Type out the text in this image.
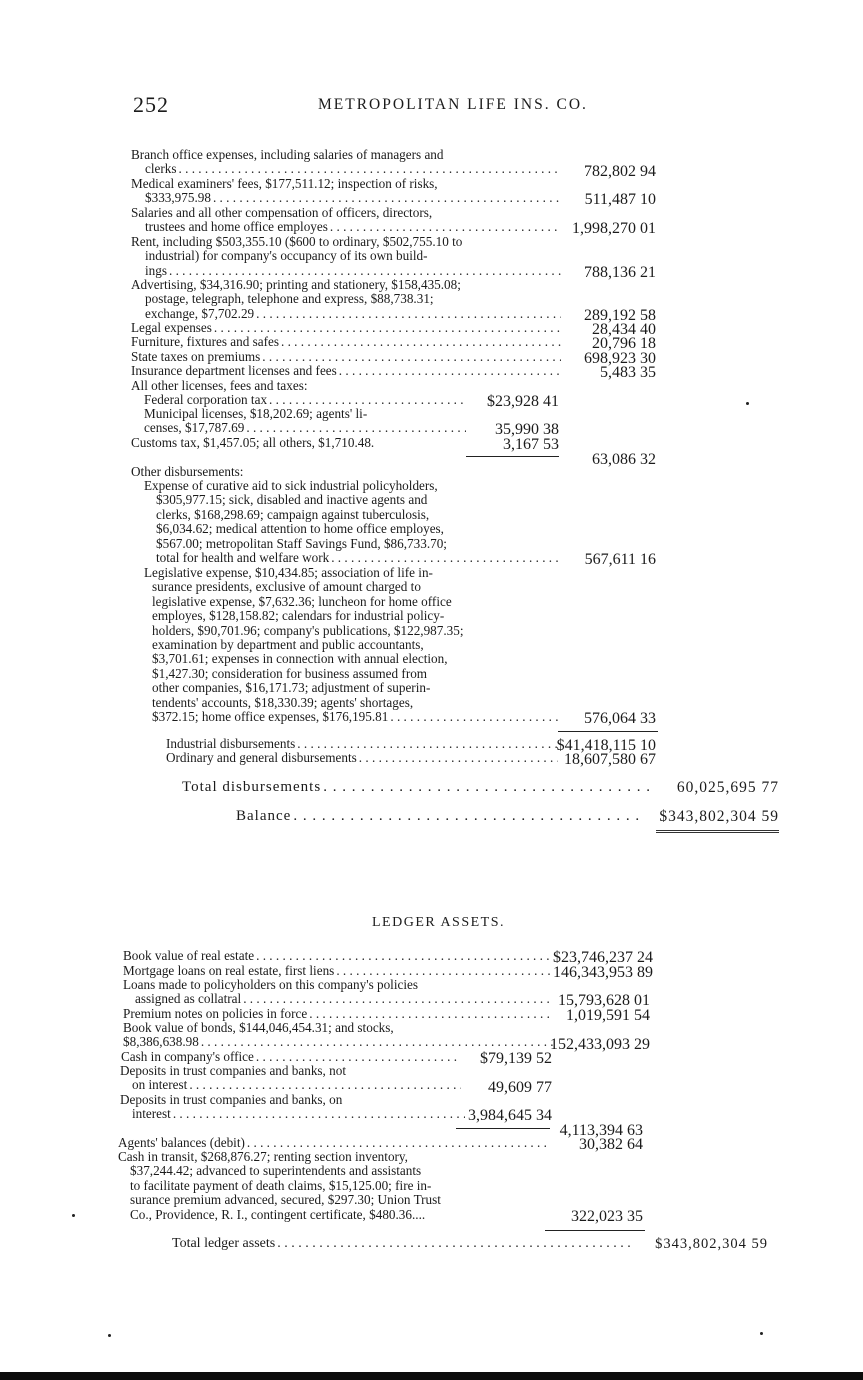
252	METROPOLITAN LIFE INS. CO.
Branch office expenses, including salaries of managers and
clerks . . .	782,802 94
Medical examiners' fees, $177,511.12; inspection of risks,
$333,975.98 . . .	511,487 10
Salaries and all other compensation of officers, directors,
trustees and home office employes . . .	1,998,270 01
Rent, including $503,355.10 ($600 to ordinary, $502,755.10 to
industrial) for company's occupancy of its own build-
ings . . .	788,136 21
Advertising, $34,316.90; printing and stationery, $158,435.08;
postage, telegraph, telephone and express, $88,738.31;
exchange, $7,702.29 . . .	289,192 58
Legal expenses . . .	28,434 40
Furniture, fixtures and safes . . .	20,796 18
State taxes on premiums . . .	698,923 30
Insurance department licenses and fees . . .	5,483 35
All other licenses, fees and taxes:
Federal corporation tax . . .	$23,928 41
Municipal licenses, $18,202.69; agents' li-
censes, $17,787.69 . . .	35,990 38
Customs tax, $1,457.05; all others, $1,710.48.	3,167 53
63,086 32
Other disbursements:
Expense of curative aid to sick industrial policyholders,
$305,977.15; sick, disabled and inactive agents and
clerks, $168,298.69; campaign against tuberculosis,
$6,034.62; medical attention to home office employes,
$567.00; metropolitan Staff Savings Fund, $86,733.70;
total for health and welfare work . . .	567,611 16
Legislative expense, $10,434.85; association of life in-
surance presidents, exclusive of amount charged to
legislative expense, $7,632.36; luncheon for home office
employes, $128,158.82; calendars for industrial policy-
holders, $90,701.96; company's publications, $122,987.35;
examination by department and public accountants,
$3,701.61; expenses in connection with annual election,
$1,427.30; consideration for business assumed from
other companies, $16,171.73; adjustment of superin-
tendents' accounts, $18,330.39; agents' shortages,
$372.15; home office expenses, $176,195.81 . . .	576,064 33
Industrial disbursements . . .	$41,418,115 10
Ordinary and general disbursements . . .	18,607,580 67
Total disbursements . . .	60,025,695 77
Balance . . .	$343,802,304 59
LEDGER ASSETS.
Book value of real estate . . .	$23,746,237 24
Mortgage loans on real estate, first liens . . .	146,343,953 89
Loans made to policyholders on this company's policies
assigned as collatral . . .	15,793,628 01
Premium notes on policies in force . . .	1,019,591 54
Book value of bonds, $144,046,454.31; and stocks,
$8,386,638.98 . . .	152,433,093 29
Cash in company's office . . .	$79,139 52
Deposits in trust companies and banks, not
on interest . . .	49,609 77
Deposits in trust companies and banks, on
interest . . .	3,984,645 34
4,113,394 63
Agents' balances (debit) . . .	30,382 64
Cash in transit, $268,876.27; renting section inventory,
$37,244.42; advanced to superintendents and assistants
to facilitate payment of death claims, $15,125.00; fire in-
surance premium advanced, secured, $297.30; Union Trust
Co., Providence, R. I., contingent certificate, $480.36....	322,023 35
Total ledger assets . . .	$343,802,304 59
